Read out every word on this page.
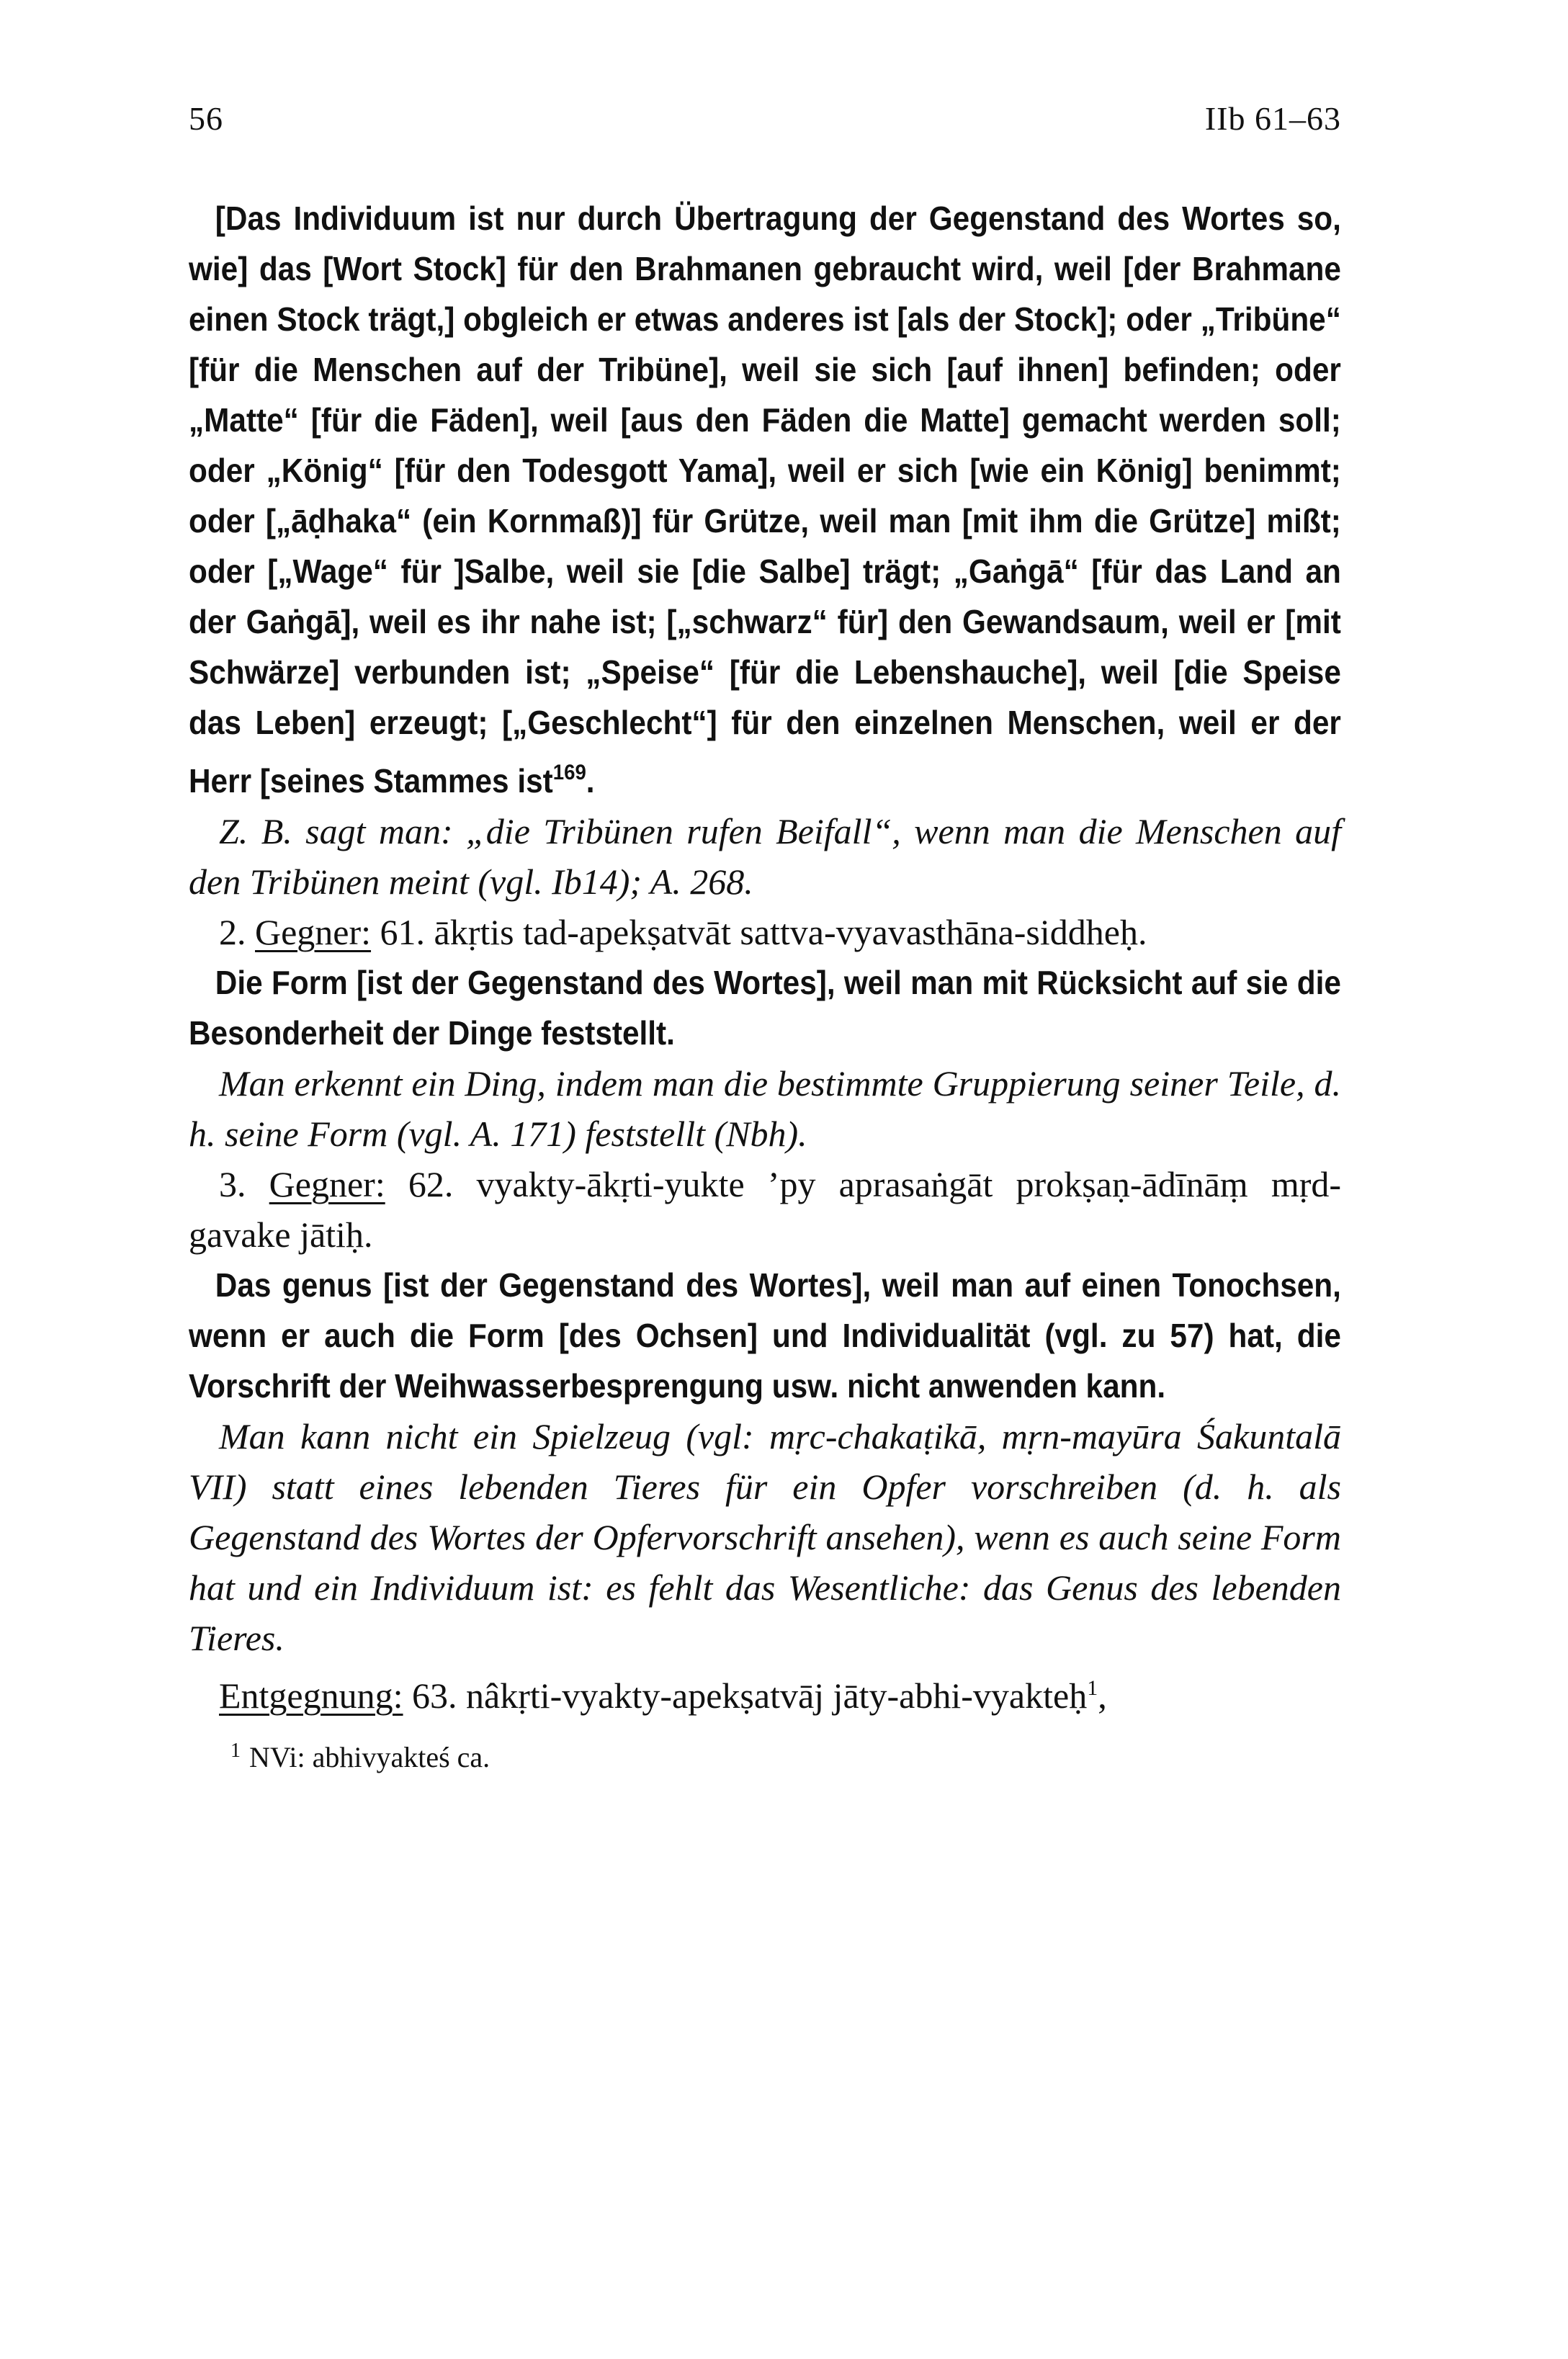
56	IIb 61–63

[Das Individuum ist nur durch Übertragung der Gegenstand des Wortes so, wie] das [Wort Stock] für den Brahmanen gebraucht wird, weil [der Brahmane einen Stock trägt,] obgleich er etwas anderes ist [als der Stock]; oder „Tribüne“ [für die Menschen auf der Tribüne], weil sie sich [auf ihnen] befinden; oder „Matte“ [für die Fäden], weil [aus den Fäden die Matte] gemacht werden soll; oder „König“ [für den Todesgott Yama], weil er sich [wie ein König] benimmt; oder [„āḍhaka“ (ein Kornmaß)] für Grütze, weil man [mit ihm die Grütze] mißt; oder [„Wage“ für ]Salbe, weil sie [die Salbe] trägt; „Gaṅgā“ [für das Land an der Gaṅgā], weil es ihr nahe ist; [„schwarz“ für] den Gewandsaum, weil er [mit Schwärze] verbunden ist; „Speise“ [für die Lebenshauche], weil [die Speise das Leben] erzeugt; [„Geschlecht“] für den einzelnen Menschen, weil er der Herr [seines Stammes ist$^{169}$.

Z. B. sagt man: „die Tribünen rufen Beifall“, wenn man die Menschen auf den Tribünen meint (vgl. Ib14); A. 268.

2. Gegner: 61. ākṛtis tad-apekṣatvāt sattva-vyavasthāna-siddheḥ.

Die Form [ist der Gegenstand des Wortes], weil man mit Rücksicht auf sie die Besonderheit der Dinge feststellt.

Man erkennt ein Ding, indem man die bestimmte Gruppierung seiner Teile, d. h. seine Form (vgl. A. 171) feststellt (Nbh).

3. Gegner: 62. vyakty-ākṛti-yukte ’py aprasaṅgāt prokṣaṇ-ādīnāṃ mṛd-gavake jātiḥ.

Das genus [ist der Gegenstand des Wortes], weil man auf einen Tonochsen, wenn er auch die Form [des Ochsen] und Individualität (vgl. zu 57) hat, die Vorschrift der Weihwasserbesprengung usw. nicht anwenden kann.

Man kann nicht ein Spielzeug (vgl: mṛc-chakaṭikā, mṛn-mayūra Śakuntalā VII) statt eines lebenden Tieres für ein Opfer vorschreiben (d. h. als Gegenstand des Wortes der Opfervorschrift ansehen), wenn es auch seine Form hat und ein Individuum ist: es fehlt das Wesentliche: das Genus des lebenden Tieres.

Entgegnung: 63. nâkṛti-vyakty-apekṣatvāj jāty-abhi-vyakteḥ$^1$,

$^1$ NVi: abhivyakteś ca.
